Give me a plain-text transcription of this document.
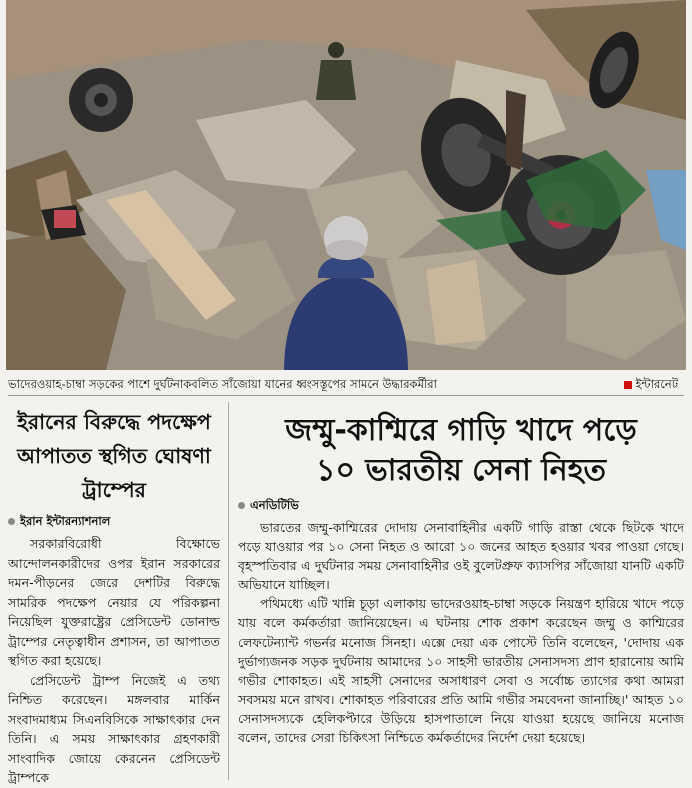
ভাদেরওয়াহ-চাম্বা সড়কের পাশে দুর্ঘটনাকবলিত সাঁজোয়া যানের ধ্বংসস্তূপের সামনে উদ্ধারকর্মীরা	ইন্টারনেট
ইরানের বিরুদ্ধে পদক্ষেপ
আপাতত স্থগিত ঘোষণা
ট্রাম্পের
ইরান ইন্টারন্যাশনাল

সরকারবিরোধী বিক্ষোভে আন্দোলনকারীদের ওপর ইরান সরকারের দমন-পীড়নের জেরে দেশটির বিরুদ্ধে সামরিক পদক্ষেপ নেয়ার যে পরিকল্পনা নিয়েছিল যুক্তরাষ্ট্রের প্রেসিডেন্ট ডোনাল্ড ট্রাম্পের নেতৃত্বাধীন প্রশাসন, তা আপাতত স্থগিত করা হয়েছে।

প্রেসিডেন্ট ট্রাম্প নিজেই এ তথ্য নিশ্চিত করেছেন। মঙ্গলবার মার্কিন সংবাদমাধ্যম সিএনবিসিকে সাক্ষাৎকার দেন তিনি। এ সময় সাক্ষাৎকার গ্রহণকারী সাংবাদিক জোয়ে কেরনেন প্রেসিডেন্ট ট্রাম্পকে

জম্মু-কাশ্মিরে গাড়ি খাদে পড়ে
১০ ভারতীয় সেনা নিহত
এনডিটিভি

ভারতের জম্মু-কাশ্মিরের দোদায় সেনাবাহিনীর একটি গাড়ি রাস্তা থেকে ছিটকে খাদে পড়ে যাওয়ার পর ১০ সেনা নিহত ও আরো ১০ জনের আহত হওয়ার খবর পাওয়া গেছে। বৃহস্পতিবার এ দুর্ঘটনার সময় সেনাবাহিনীর ওই বুলেটপ্রুফ ক্যাসপির সাঁজোয়া যানটি একটি অভিযানে যাচ্ছিল।

পথিমধ্যে এটি খান্নি চূড়া এলাকায় ভাদেরওয়াহ-চাম্বা সড়কে নিয়ন্ত্রণ হারিয়ে খাদে পড়ে যায় বলে কর্মকর্তারা জানিয়েছেন। এ ঘটনায় শোক প্রকাশ করেছেন জম্মু ও কাশ্মিরের লেফটেন্যান্ট গভর্নর মনোজ সিনহা। এক্সে দেয়া এক পোস্টে তিনি বলেছেন, 'দোদায় এক দুর্ভাগ্যজনক সড়ক দুর্ঘটনায় আমাদের ১০ সাহসী ভারতীয় সেনাসদস্য প্রাণ হারানোয় আমি গভীর শোকাহত। এই সাহসী সেনাদের অসাধারণ সেবা ও সর্বোচ্চ ত্যাগের কথা আমরা সবসময় মনে রাখব। শোকাহত পরিবারের প্রতি আমি গভীর সমবেদনা জানাচ্ছি।' আহত ১০ সেনাসদস্যকে হেলিকপ্টারে উড়িয়ে হাসপাতালে নিয়ে যাওয়া হয়েছে জানিয়ে মনোজ বলেন, তাদের সেরা চিকিৎসা নিশ্চিতে কর্মকর্তাদের নির্দেশ দেয়া হয়েছে।
